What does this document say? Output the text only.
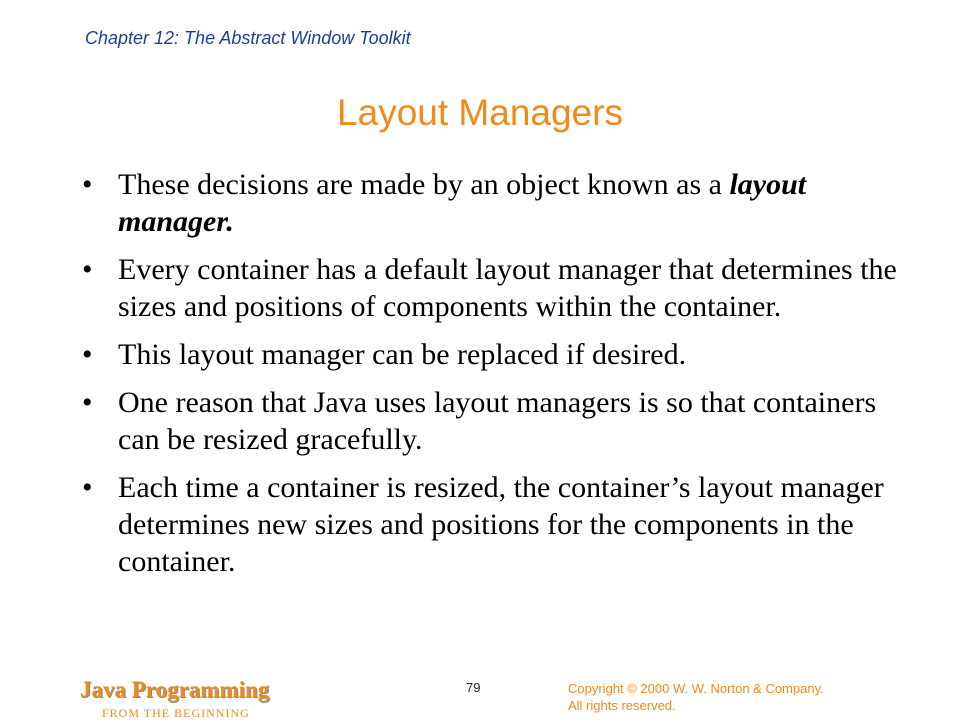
Chapter 12: The Abstract Window Toolkit
Layout Managers
• These decisions are made by an object known as a layout manager.
• Every container has a default layout manager that determines the sizes and positions of components within the container.
• This layout manager can be replaced if desired.
• One reason that Java uses layout managers is so that containers can be resized gracefully.
• Each time a container is resized, the container’s layout manager determines new sizes and positions for the components in the container.
Java Programming
FROM THE BEGINNING
79	Copyright © 2000 W. W. Norton & Company.
All rights reserved.
